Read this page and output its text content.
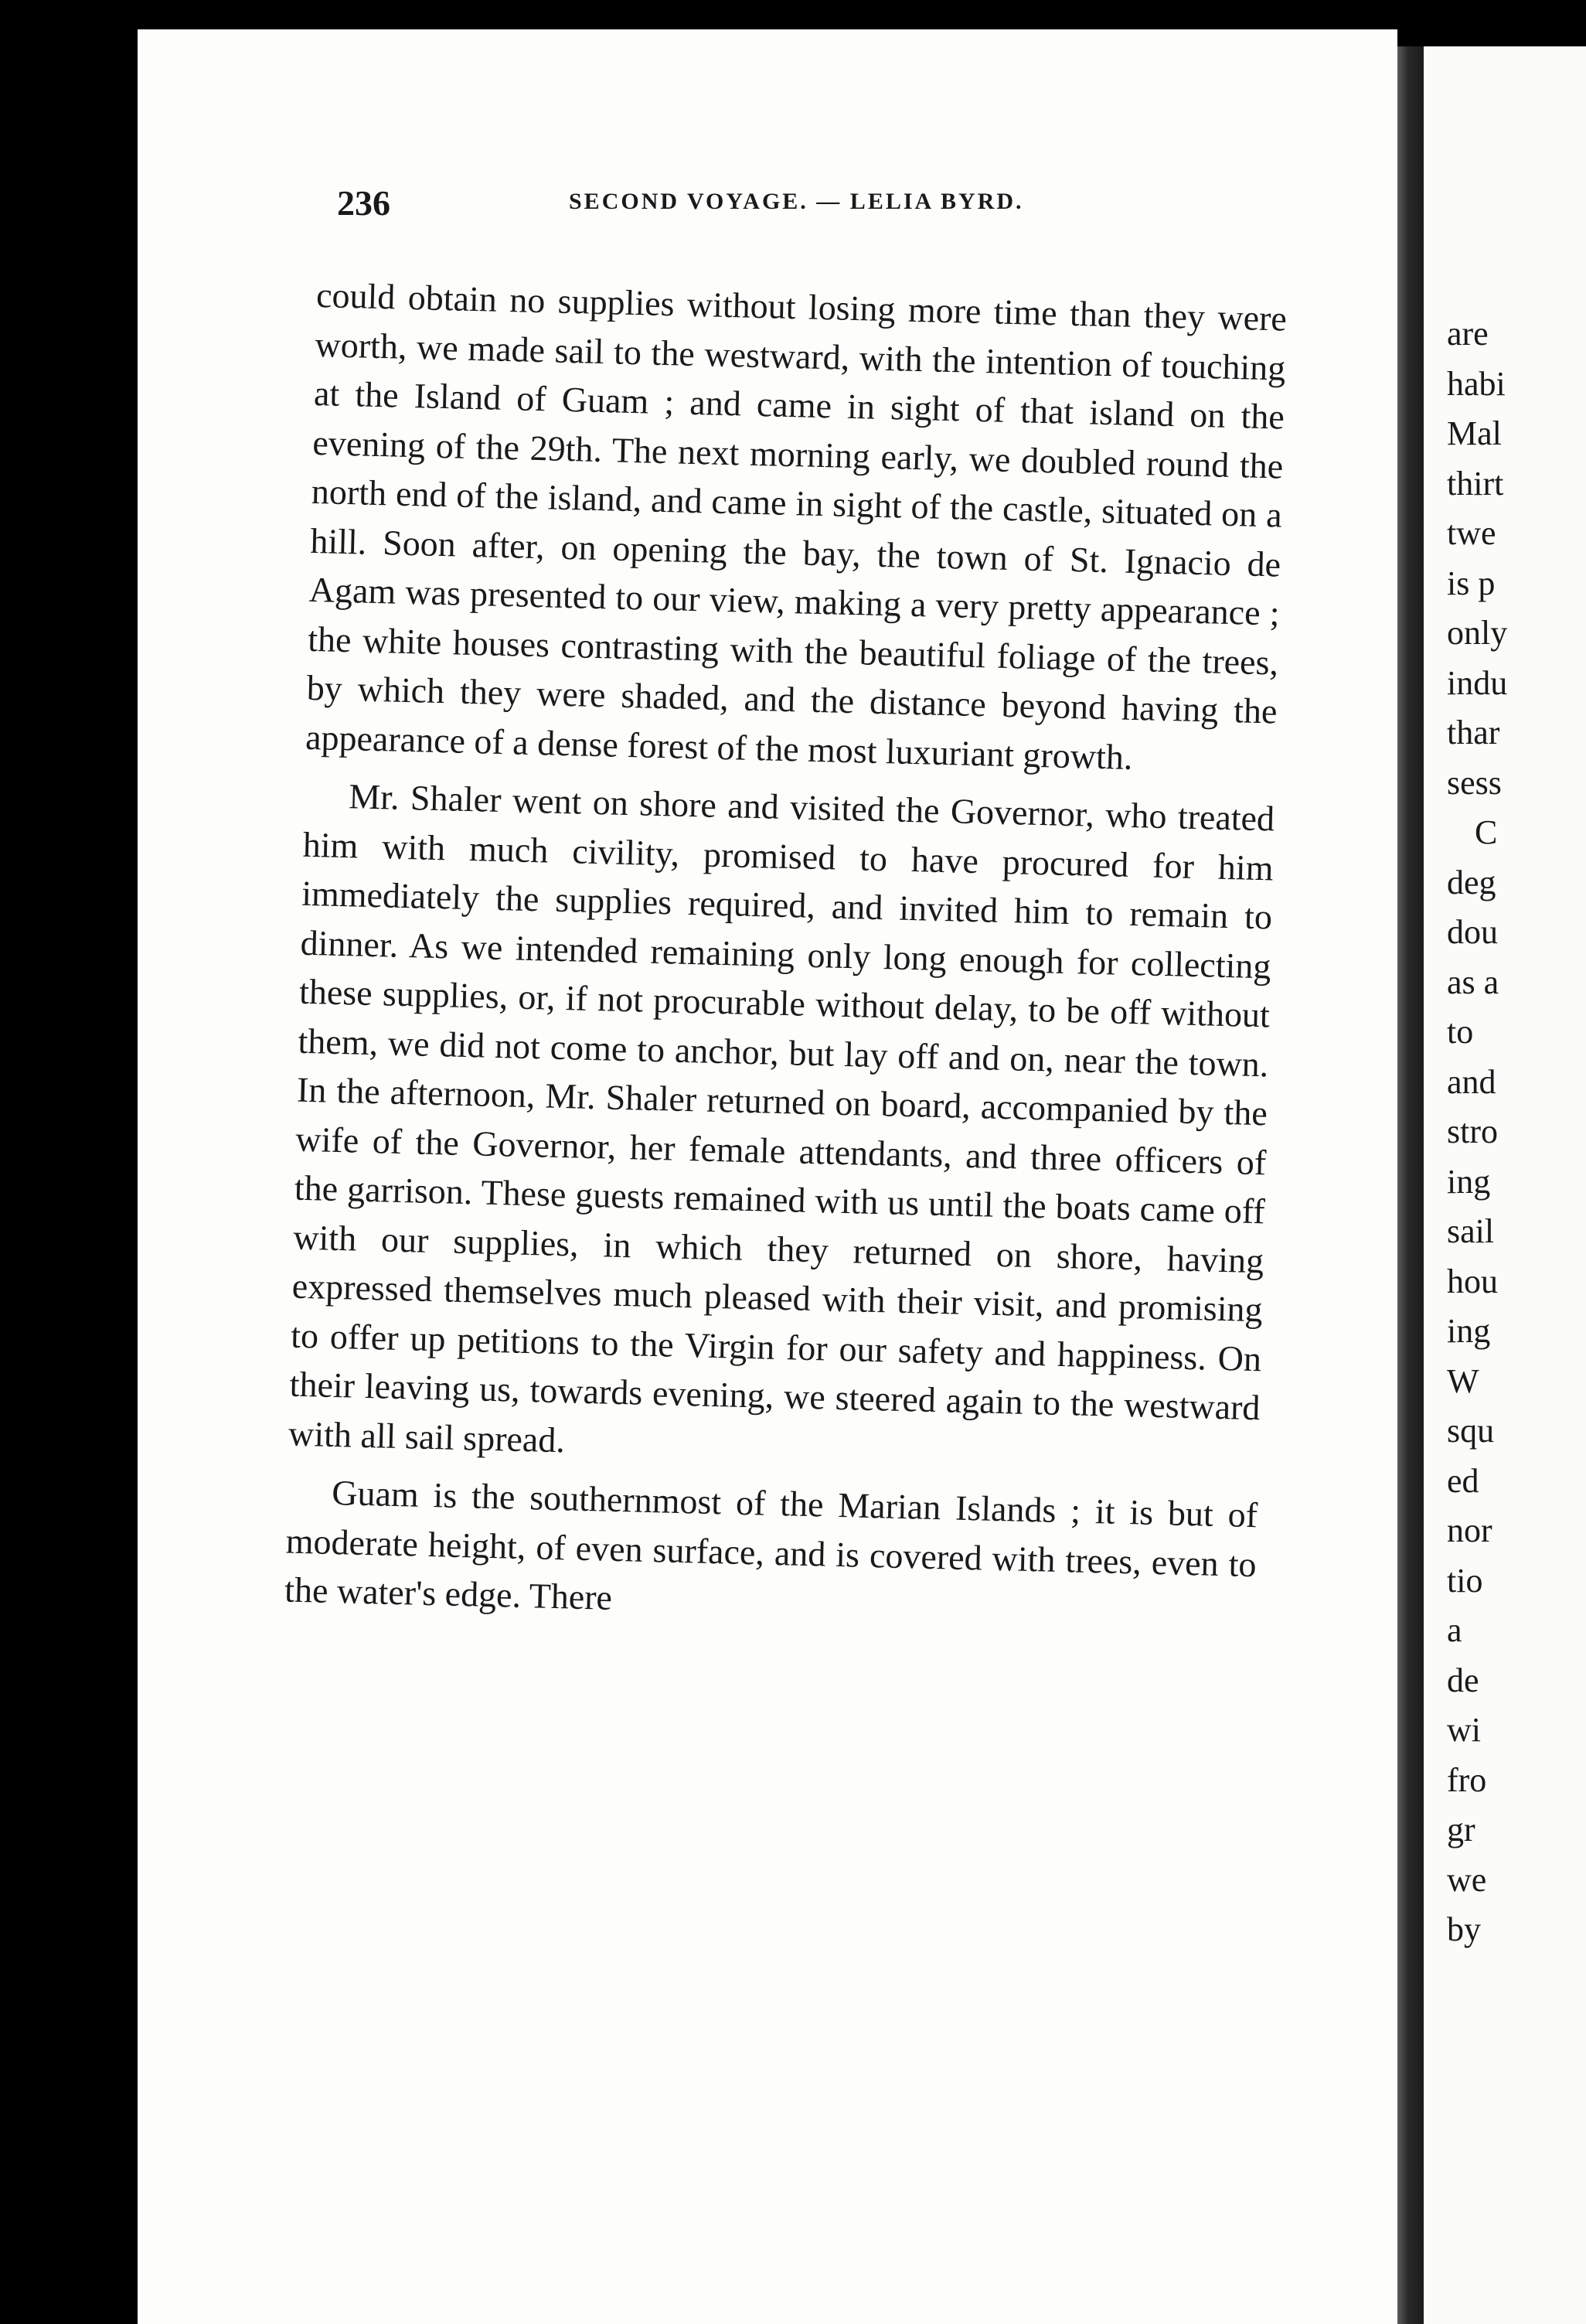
are
habi
Mal
thirt
twe
is p
only
indu
thar
sess
C
deg
dou
as a
to
and
stro
ing
sail
hou
ing
W
squ
ed
nor
tio
a
de
wi
fro
gr
we
by
236	SECOND VOYAGE. — LELIA BYRD.

could obtain no supplies without losing more time than they were worth, we made sail to the westward, with the intention of touching at the Island of Guam ; and came in sight of that island on the evening of the 29th. The next morning early, we doubled round the north end of the island, and came in sight of the castle, situated on a hill. Soon after, on opening the bay, the town of St. Ignacio de Agam was presented to our view, making a very pretty appearance ; the white houses contrasting with the beautiful foliage of the trees, by which they were shaded, and the distance beyond having the appearance of a dense forest of the most luxuriant growth.

Mr. Shaler went on shore and visited the Governor, who treated him with much civility, promised to have procured for him immediately the supplies required, and invited him to remain to dinner. As we intended remaining only long enough for collecting these supplies, or, if not procurable without delay, to be off without them, we did not come to anchor, but lay off and on, near the town. In the afternoon, Mr. Shaler returned on board, accompanied by the wife of the Governor, her female attendants, and three officers of the garrison. These guests remained with us until the boats came off with our supplies, in which they returned on shore, having expressed themselves much pleased with their visit, and promising to offer up petitions to the Virgin for our safety and happiness. On their leaving us, towards evening, we steered again to the westward with all sail spread.

Guam is the southernmost of the Marian Islands ; it is but of moderate height, of even surface, and is covered with trees, even to the water's edge. There
